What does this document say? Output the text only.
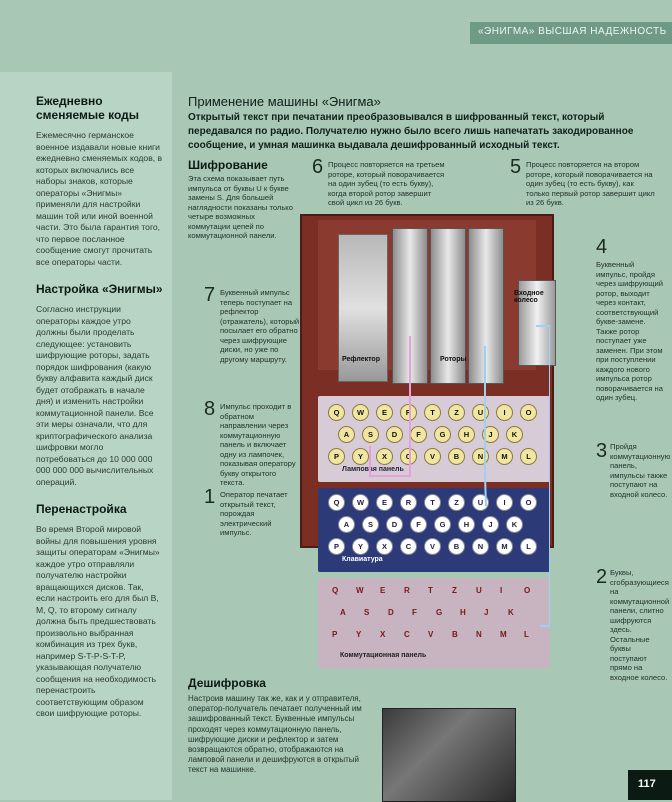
«ЭНИГМА» ВЫСШАЯ НАДЕЖНОСТЬ
Ежедневно сменяемые коды
Ежемесячно германское военное издавали новые книги ежедневно сменяемых кодов, в которых включались все наборы знаков, которые операторы «Энигмы» применяли для настройки машин той или иной военной части. Это была гарантия того, что первое посланное сообщение смогут прочитать все операторы части.
Настройка «Энигмы»
Согласно инструкции операторы каждое утро должны были проделать следующее: установить шифрующие роторы, задать порядок шифрования (какую букву алфавита каждый диск будет отображать в начале дня) и изменить настройки коммутационной панели. Все эти меры означали, что для криптографического анализа шифровки могло потребоваться до 10 000 000 000 000 000 вычислительных операций.
Перенастройка
Во время Второй мировой войны для повышения уровня защиты операторам «Энигмы» каждое утро отправляли получателю настройки вращающихся дисков. Так, если настроить его для был В, М, Q, то второму сигналу должна быть предшествовать произвольно выбранная комбинация из трех букв, например S-T-P-S-T-P, указывающая получателю сообщения на необходимость перенастроить соответствующим образом свои шифрующие роторы.
Применение машины «Энигма»
Открытый текст при печатании преобразовывался в шифрованный текст, который передавался по радио. Получателю нужно было всего лишь напечатать закодированное сообщение, и умная машинка выдавала дешифрованный исходный текст.
Шифрование
Эта схема показывает путь импульса от буквы U к букве замены S. Для большей наглядности показаны только четыре возможных коммутации цепей по коммутационной панели.
Рефлектор	Роторы
Входное колесо
Ламповая панель
Q	W	E	R	T	Z	U	I	O
A	S	D	F	G	H	J	K
P	Y	X	C	V	B	N	M	L
Клавиатура
Q	W	E	R	T	Z	U	I	O
A	S	D	F	G	H	J	K
P	Y	X	C	V	B	N	M	L
Коммутационная панель
Q W E R T Z U I	O
A S D F G H J K
P Y X C V B N M L
6 Процесс повторяется на третьем роторе, который поворачивается на один зубец (то есть букву), когда второй ротор завершит свой цикл из 26 букв.
5 Процесс повторяется на втором роторе, который поворачивается на один зубец (то есть букву), как только первый ротор завершит цикл из 26 букв.
4
Буквенный импульс, пройдя через шифрующий ротор, выходит через контакт, соответствующий букве-замене. Также ротор поступает уже заменен. При этом при поступлении каждого нового импульса ротор поворачивается на один зубец.
7 Буквенный импульс теперь поступает на рефлектор (отражатель), который посылает его обратно через шифрующие диски, но уже по другому маршруту.
8 Импульс проходит в обратном направлении через коммутационную панель и включает одну из лампочек, показывая оператору букву открытого текста.
3 Пройдя коммутационную панель, импульсы также поступают на входной колесо.
1 Оператор печатает открытый текст, порождая электрический импульс.
2 Буквы, сгобразующиеся на коммутационной панели, слитно шифруются здесь. Остальные буквы поступают прямо на входное колесо.
Дешифровка
Настроив машину так же, как и у отправителя, оператор-получатель печатает полученный им зашифрованный текст. Буквенные импульсы проходят через коммутационную панель, шифрующие диски и рефлектор и затем возвращаются обратно, отображаются на ламповой панели и дешифруются в открытый текст на машинке.
117
